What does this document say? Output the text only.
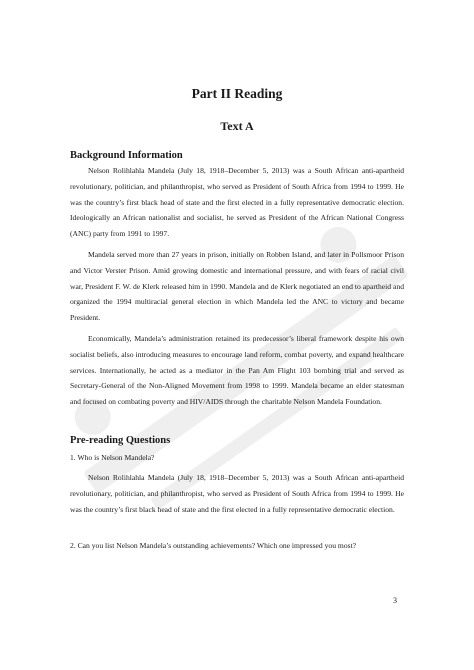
Part II Reading
Text A
Background Information

Nelson Rolihlahla Mandela (July 18, 1918–December 5, 2013) was a South African anti-apartheid revolutionary, politician, and philanthropist, who served as President of South Africa from 1994 to 1999. He was the country’s first black head of state and the first elected in a fully representative democratic election. Ideologically an African nationalist and socialist, he served as President of the African National Congress (ANC) party from 1991 to 1997.

Mandela served more than 27 years in prison, initially on Robben Island, and later in Pollsmoor Prison and Victor Verster Prison. Amid growing domestic and international pressure, and with fears of racial civil war, President F. W. de Klerk released him in 1990. Mandela and de Klerk negotiated an end to apartheid and organized the 1994 multiracial general election in which Mandela led the ANC to victory and became President.

Economically, Mandela’s administration retained its predecessor’s liberal framework despite his own socialist beliefs, also introducing measures to encourage land reform, combat poverty, and expand healthcare services. Internationally, he acted as a mediator in the Pan Am Flight 103 bombing trial and served as Secretary-General of the Non-Aligned Movement from 1998 to 1999. Mandela became an elder statesman and focused on combating poverty and HIV/AIDS through the charitable Nelson Mandela Foundation.

Pre-reading Questions

1. Who is Nelson Mandela?

Nelson Rolihlahla Mandela (July 18, 1918–December 5, 2013) was a South African anti-apartheid revolutionary, politician, and philanthropist, who served as President of South Africa from 1994 to 1999. He was the country’s first black head of state and the first elected in a fully representative democratic election.

2. Can you list Nelson Mandela’s outstanding achievements? Which one impressed you most?

3
